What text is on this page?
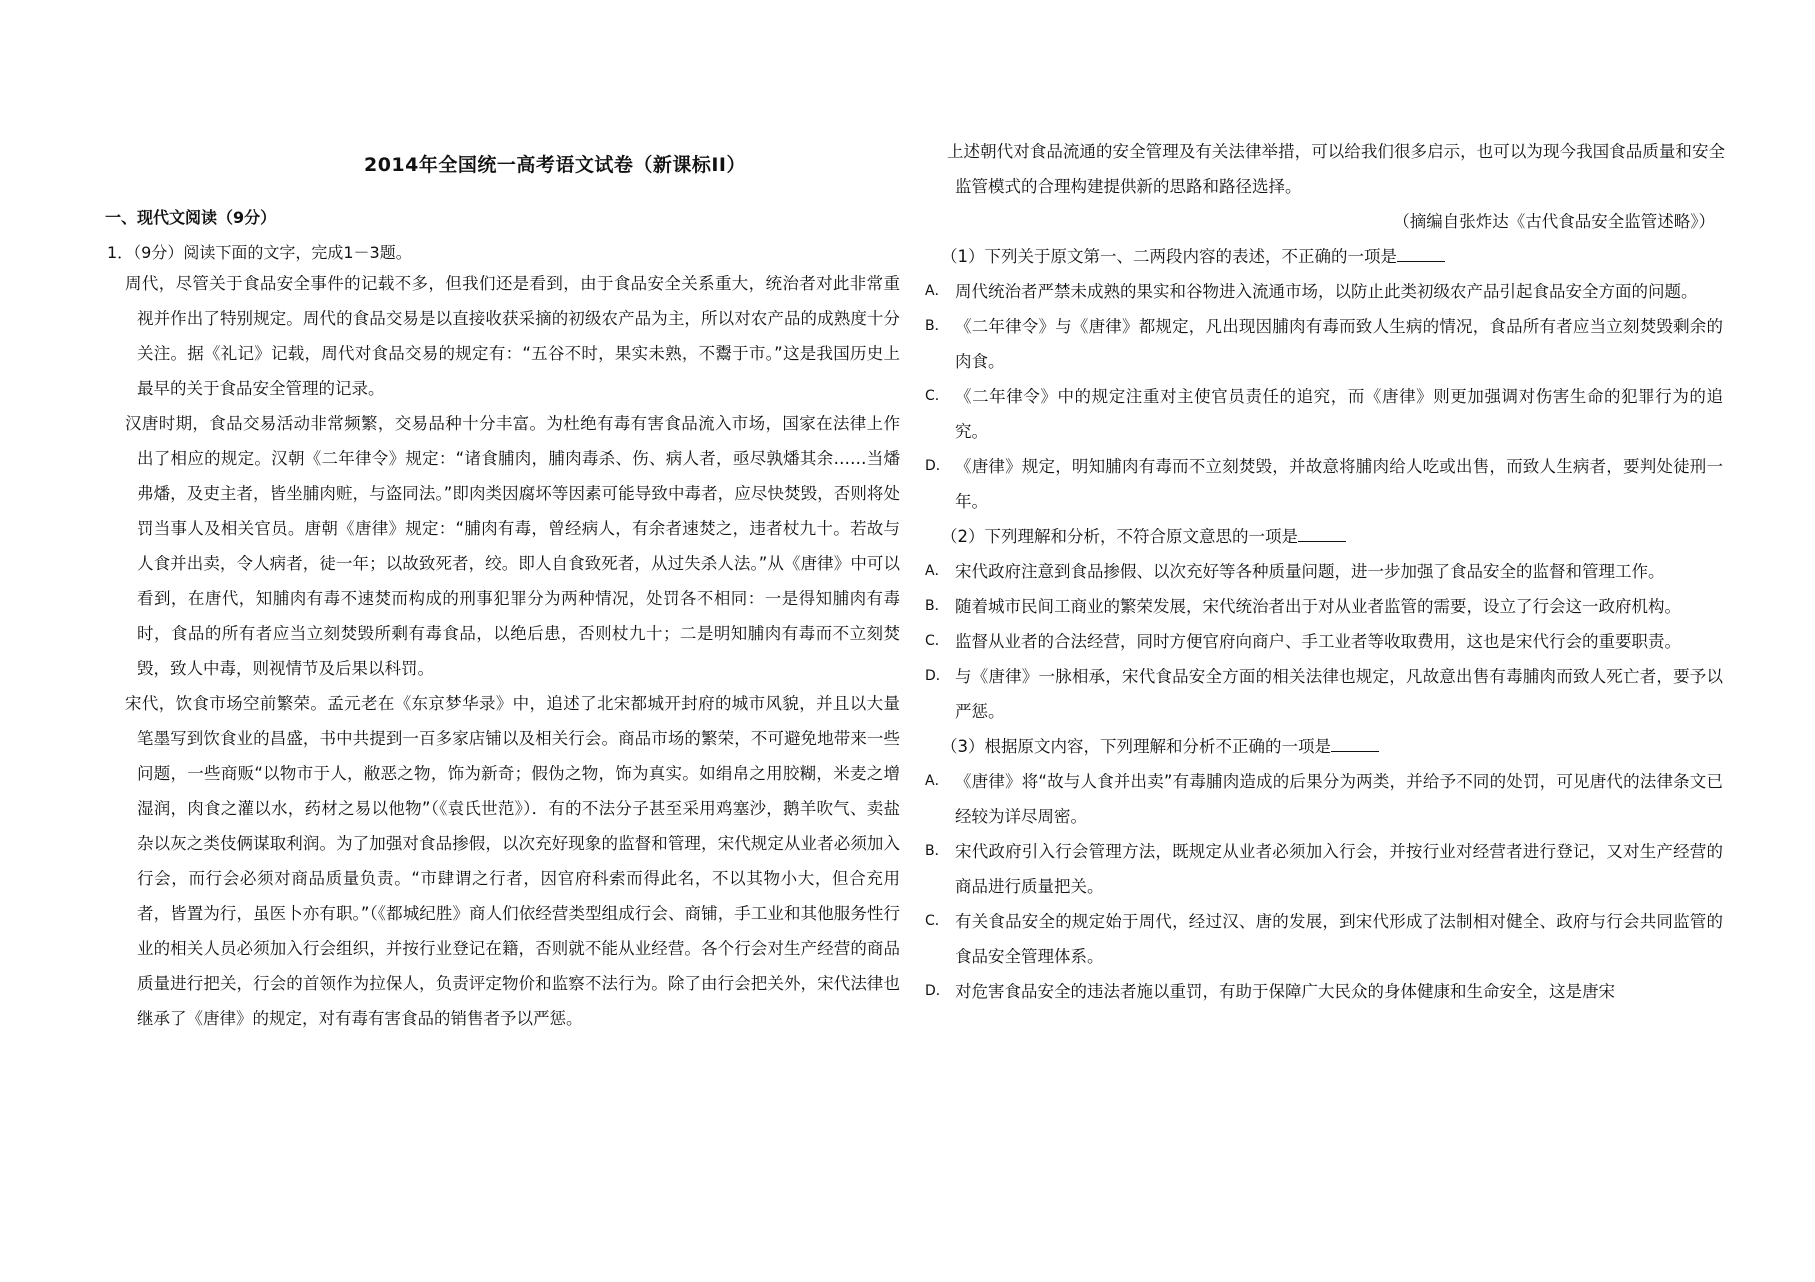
2014年全国统一高考语文试卷（新课标II）
一、现代文阅读（9分）
1．（9分）阅读下面的文字，完成1－3题。

周代，尽管关于食品安全事件的记载不多，但我们还是看到，由于食品安全关系重大，统治者对此非常重视并作出了特别规定。周代的食品交易是以直接收获采摘的初级农产品为主，所以对农产品的成熟度十分关注。据《礼记》记载，周代对食品交易的规定有：“五谷不时，果实未熟，不鬻于市。”这是我国历史上最早的关于食品安全管理的记录。

汉唐时期，食品交易活动非常频繁，交易品种十分丰富。为杜绝有毒有害食品流入市场，国家在法律上作出了相应的规定。汉朝《二年律令》规定：“诸食脯肉，脯肉毒杀、伤、病人者，亟尽孰燔其余……当燔弗燔，及吏主者，皆坐脯肉赃，与盗同法。”即肉类因腐坏等因素可能导致中毒者，应尽快焚毁，否则将处罚当事人及相关官员。唐朝《唐律》规定：“脯肉有毒，曾经病人，有余者速焚之，违者杖九十。若故与人食并出卖，令人病者，徒一年；以故致死者，绞。即人自食致死者，从过失杀人法。”从《唐律》中可以看到，在唐代，知脯肉有毒不速焚而构成的刑事犯罪分为两种情况，处罚各不相同：一是得知脯肉有毒时，食品的所有者应当立刻焚毁所剩有毒食品，以绝后患，否则杖九十；二是明知脯肉有毒而不立刻焚毁，致人中毒，则视情节及后果以科罚。

宋代，饮食市场空前繁荣。孟元老在《东京梦华录》中，追述了北宋都城开封府的城市风貌，并且以大量笔墨写到饮食业的昌盛，书中共提到一百多家店铺以及相关行会。商品市场的繁荣，不可避免地带来一些问题，一些商贩“以物市于人，敝恶之物，饰为新奇；假伪之物，饰为真实。如绢帛之用胶糊，米麦之增湿润，肉食之灌以水，药材之易以他物”（《袁氏世范》）．有的不法分子甚至采用鸡塞沙，鹅羊吹气、卖盐杂以灰之类伎俩谋取利润。为了加强对食品掺假，以次充好现象的监督和管理，宋代规定从业者必须加入行会，而行会必须对商品质量负责。“市肆谓之行者，因官府科索而得此名，不以其物小大，但合充用者，皆置为行，虽医卜亦有职。”（《都城纪胜》商人们依经营类型组成行会、商铺，手工业和其他服务性行业的相关人员必须加入行会组织，并按行业登记在籍，否则就不能从业经营。各个行会对生产经营的商品质量进行把关，行会的首领作为拉保人，负责评定物价和监察不法行为。除了由行会把关外，宋代法律也继承了《唐律》的规定，对有毒有害食品的销售者予以严惩。

上述朝代对食品流通的安全管理及有关法律举措，可以给我们很多启示，也可以为现今我国食品质量和安全监管模式的合理构建提供新的思路和路径选择。

（摘编自张炸达《古代食品安全监管述略》）

（1）下列关于原文第一、二两段内容的表述，不正确的一项是

A． 周代统治者严禁未成熟的果实和谷物进入流通市场，以防止此类初级农产品引起食品安全方面的问题。
B． 《二年律令》与《唐律》都规定，凡出现因脯肉有毒而致人生病的情况，食品所有者应当立刻焚毁剩余的肉食。
C． 《二年律令》中的规定注重对主使官员责任的追究，而《唐律》则更加强调对伤害生命的犯罪行为的追究。
D． 《唐律》规定，明知脯肉有毒而不立刻焚毁，并故意将脯肉给人吃或出售，而致人生病者，要判处徒刑一年。

（2）下列理解和分析，不符合原文意思的一项是

A． 宋代政府注意到食品掺假、以次充好等各种质量问题，进一步加强了食品安全的监督和管理工作。
B． 随着城市民间工商业的繁荣发展，宋代统治者出于对从业者监管的需要，设立了行会这一政府机构。
C． 监督从业者的合法经营，同时方便官府向商户、手工业者等收取费用，这也是宋代行会的重要职责。
D． 与《唐律》一脉相承，宋代食品安全方面的相关法律也规定，凡故意出售有毒脯肉而致人死亡者，要予以严惩。

（3）根据原文内容，下列理解和分析不正确的一项是

A． 《唐律》将“故与人食并出卖”有毒脯肉造成的后果分为两类，并给予不同的处罚，可见唐代的法律条文已经较为详尽周密。
B． 宋代政府引入行会管理方法，既规定从业者必须加入行会，并按行业对经营者进行登记，又对生产经营的商品进行质量把关。
C． 有关食品安全的规定始于周代，经过汉、唐的发展，到宋代形成了法制相对健全、政府与行会共同监管的食品安全管理体系。
D． 对危害食品安全的违法者施以重罚，有助于保障广大民众的身体健康和生命安全，这是唐宋
